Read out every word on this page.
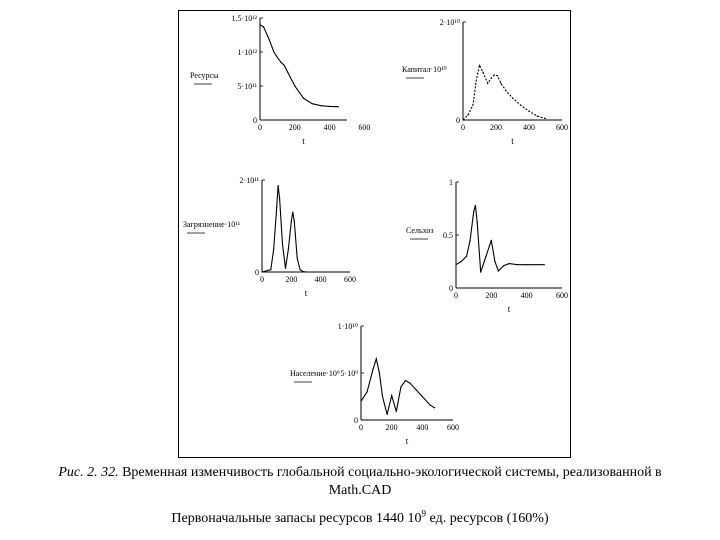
0
5·10¹¹
1·10¹²
1.5·10¹²
0	200	400	600
t
Ресурсы
0
2·10¹⁰
0	200	400	600
t
Капитал·10¹⁰
0
2·10¹¹
0	200 400 600
t
Загрязнение·10¹¹
0
0.5
1
0	200	400	600
t
Сельхоз
0
5·10⁹
1·10¹⁰
0	200 400 600
t
Население·10⁹
Рис. 2. 32. Временная изменчивость глобальной социально-экологической системы, реализованной в
Math.CAD
Первоначальные запасы ресурсов 1440 $10^9$ ед. ресурсов (160%)
